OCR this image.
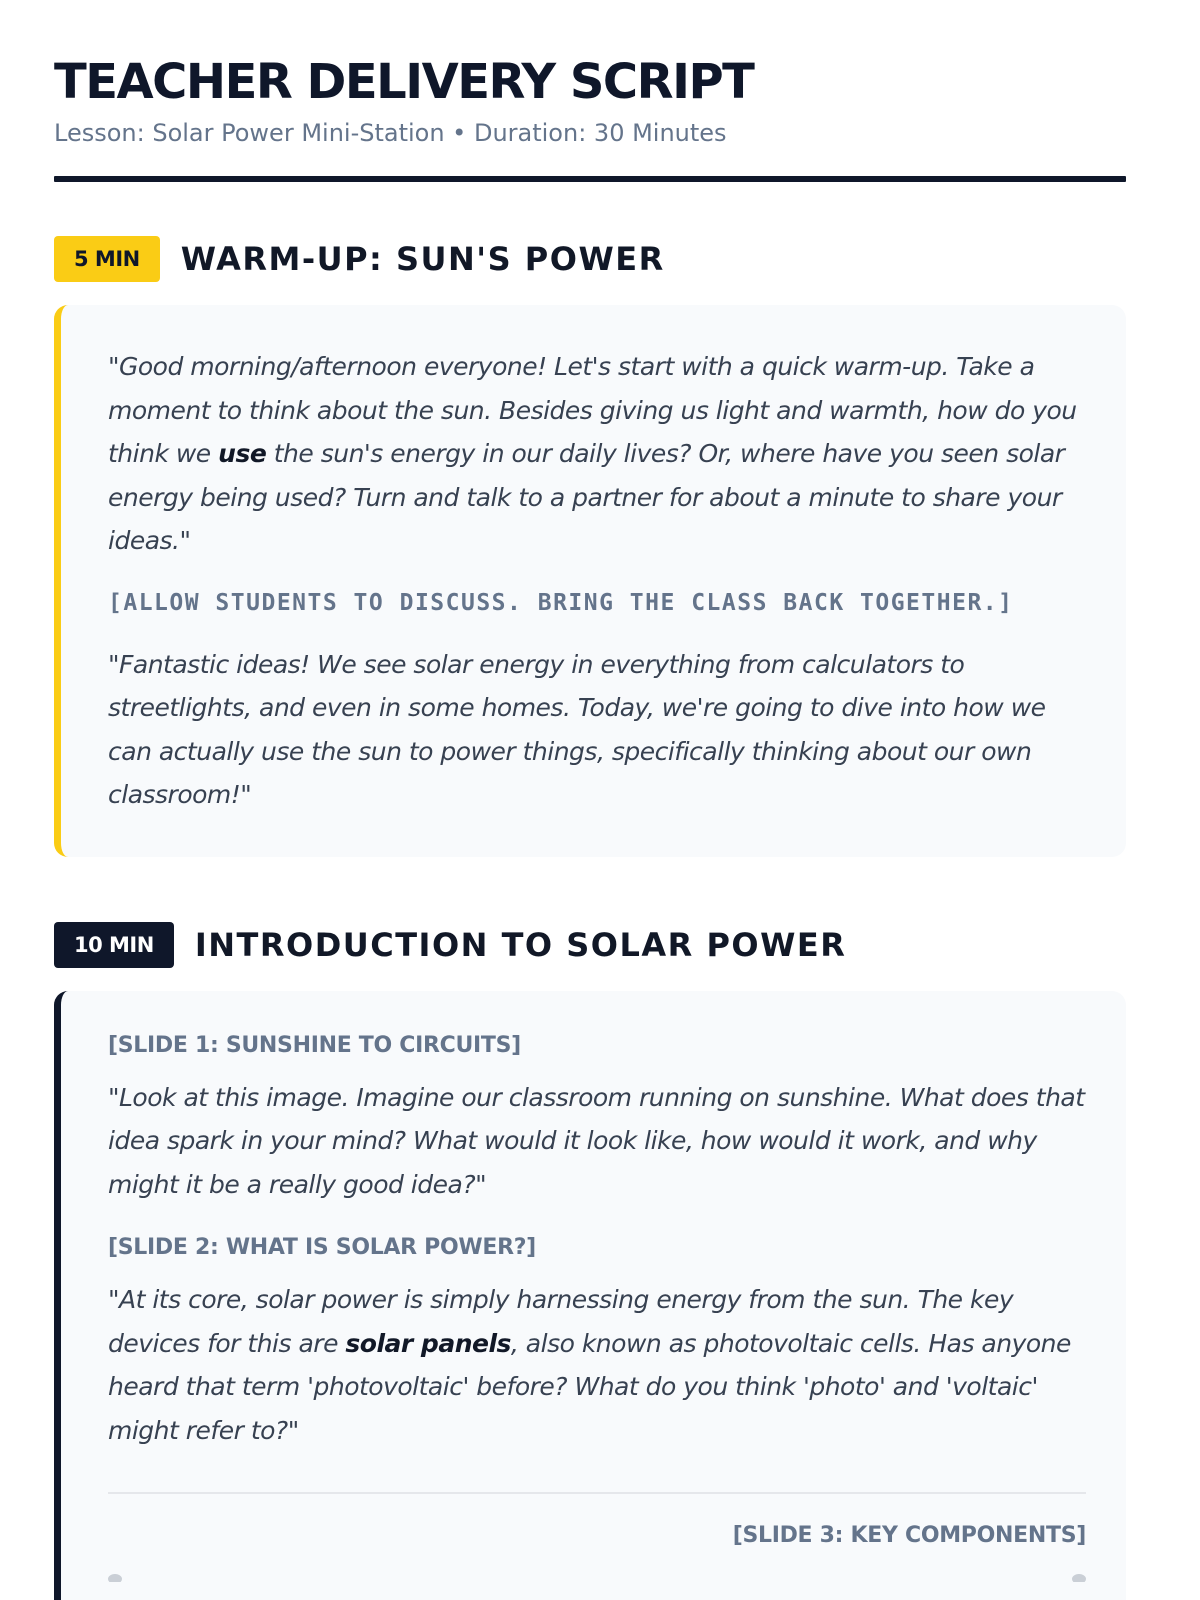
TEACHER DELIVERY SCRIPT
Lesson: Solar Power Mini-Station • Duration: 30 Minutes
5 MIN	WARM-UP: SUN'S POWER

"Good morning/afternoon everyone! Let's start with a quick warm-up. Take a moment to think about the sun. Besides giving us light and warmth, how do you think we use the sun's energy in our daily lives? Or, where have you seen solar energy being used? Turn and talk to a partner for about a minute to share your ideas."

[ALLOW STUDENTS TO DISCUSS. BRING THE CLASS BACK TOGETHER.]

"Fantastic ideas! We see solar energy in everything from calculators to streetlights, and even in some homes. Today, we're going to dive into how we can actually use the sun to power things, specifically thinking about our own classroom!"

10 MIN	INTRODUCTION TO SOLAR POWER
[SLIDE 1: SUNSHINE TO CIRCUITS]

"Look at this image. Imagine our classroom running on sunshine. What does that idea spark in your mind? What would it look like, how would it work, and why might it be a really good idea?"

[SLIDE 2: WHAT IS SOLAR POWER?]

"At its core, solar power is simply harnessing energy from the sun. The key devices for this are solar panels, also known as photovoltaic cells. Has anyone heard that term 'photovoltaic' before? What do you think 'photo' and 'voltaic' might refer to?"

[SLIDE 3: KEY COMPONENTS]
